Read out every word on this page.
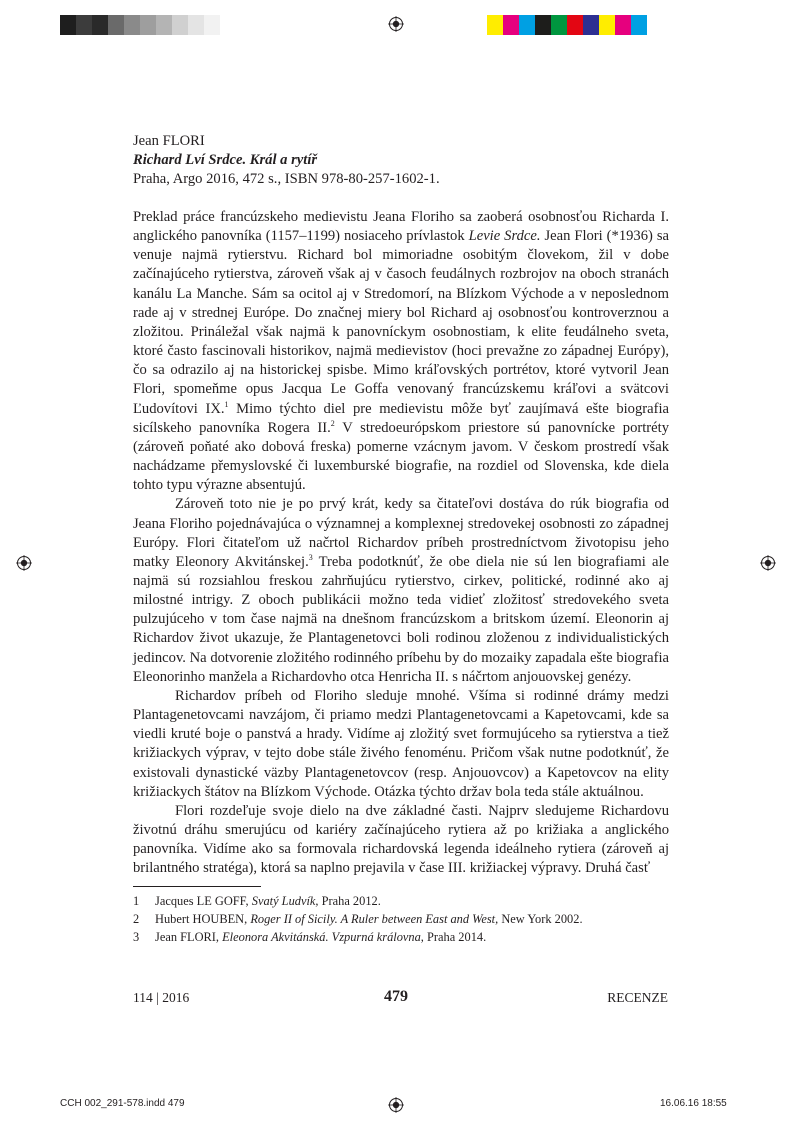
Jean FLORI
Richard Lví Srdce. Král a rytíř
Praha, Argo 2016, 472 s., ISBN 978-80-257-1602-1.

Preklad práce francúzskeho medievistu Jeana Floriho sa zaoberá osobnosťou Richarda I. anglického panovníka (1157–1199) nosiaceho prívlastok Levie Srdce. Jean Flori (*1936) sa venuje najmä rytierstvu. Richard bol mimoriadne osobitým človekom, žil v dobe začínajúceho rytierstva, zároveň však aj v časoch feudálnych rozbrojov na oboch stranách kanálu La Manche. Sám sa ocitol aj v Stredomorí, na Blízkom Východe a v neposlednom rade aj v strednej Európe. Do značnej miery bol Richard aj osobnosťou kontroverznou a zložitou. Prináležal však najmä k panovníckym osobnostiam, k elite feudálneho sveta, ktoré často fascinovali historikov, najmä medievistov (hoci prevažne zo západnej Európy), čo sa odrazilo aj na historickej spisbe. Mimo kráľovských portrétov, ktoré vytvoril Jean Flori, spomeňme opus Jacqua Le Goffa venovaný francúzskemu kráľovi a svätcovi Ľudovítovi IX.$^1$ Mimo týchto diel pre medievistu môže byť zaujímavá ešte biografia sicílskeho panovníka Rogera II.$^2$ V stredoeurópskom priestore sú panovnícke portréty (zároveň poňaté ako dobová freska) pomerne vzácnym javom. V českom prostredí však nachádzame přemyslovské či luxemburské biografie, na rozdiel od Slovenska, kde diela tohto typu výrazne absentujú.

Zároveň toto nie je po prvý krát, kedy sa čitateľovi dostáva do rúk biografia od Jeana Floriho pojednávajúca o významnej a komplexnej stredovekej osobnosti zo západnej Európy. Flori čitateľom už načrtol Richardov príbeh prostredníctvom životopisu jeho matky Eleonory Akvitánskej.$^3$ Treba podotknúť, že obe diela nie sú len biografiami ale najmä sú rozsiahlou freskou zahrňujúcu rytierstvo, cirkev, politické, rodinné ako aj milostné intrigy. Z oboch publikácii možno teda vidieť zložitosť stredovekého sveta pulzujúceho v tom čase najmä na dnešnom francúzskom a britskom území. Eleonorin aj Richardov život ukazuje, že Plantagenetovci boli rodinou zloženou z individualistických jedincov. Na dotvorenie zložitého rodinného príbehu by do mozaiky zapadala ešte biografia Eleonorinho manžela a Richardovho otca Henricha II. s náčrtom anjouovskej genézy.

Richardov príbeh od Floriho sleduje mnohé. Všíma si rodinné drámy medzi Plantagenetovcami navzájom, či priamo medzi Plantagenetovcami a Kapetovcami, kde sa viedli kruté boje o panstvá a hrady. Vidíme aj zložitý svet formujúceho sa rytierstva a tiež križiackych výprav, v tejto dobe stále živého fenoménu. Pričom však nutne podotknúť, že existovali dynastické väzby Plantagenetovcov (resp. Anjouovcov) a Kapetovcov na elity križiackych štátov na Blízkom Východe. Otázka týchto držav bola teda stále aktuálnou.

Flori rozdeľuje svoje dielo na dve základné časti. Najprv sledujeme Richardovu životnú dráhu smerujúcu od kariéry začínajúceho rytiera až po križiaka a anglického panovníka. Vidíme ako sa formovala richardovská legenda ideálneho rytiera (zároveň aj brilantného stratéga), ktorá sa naplno prejavila v čase III. križiackej výpravy. Druhá časť

1 Jacques LE GOFF, Svatý Ludvík, Praha 2012.
2 Hubert HOUBEN, Roger II of Sicily. A Ruler between East and West, New York 2002.
3 Jean FLORI, Eleonora Akvitánská. Vzpurná královna, Praha 2014.
114 | 2016	479	RECENZE
CCH 002_291-578.indd 479	16.06.16 18:55
